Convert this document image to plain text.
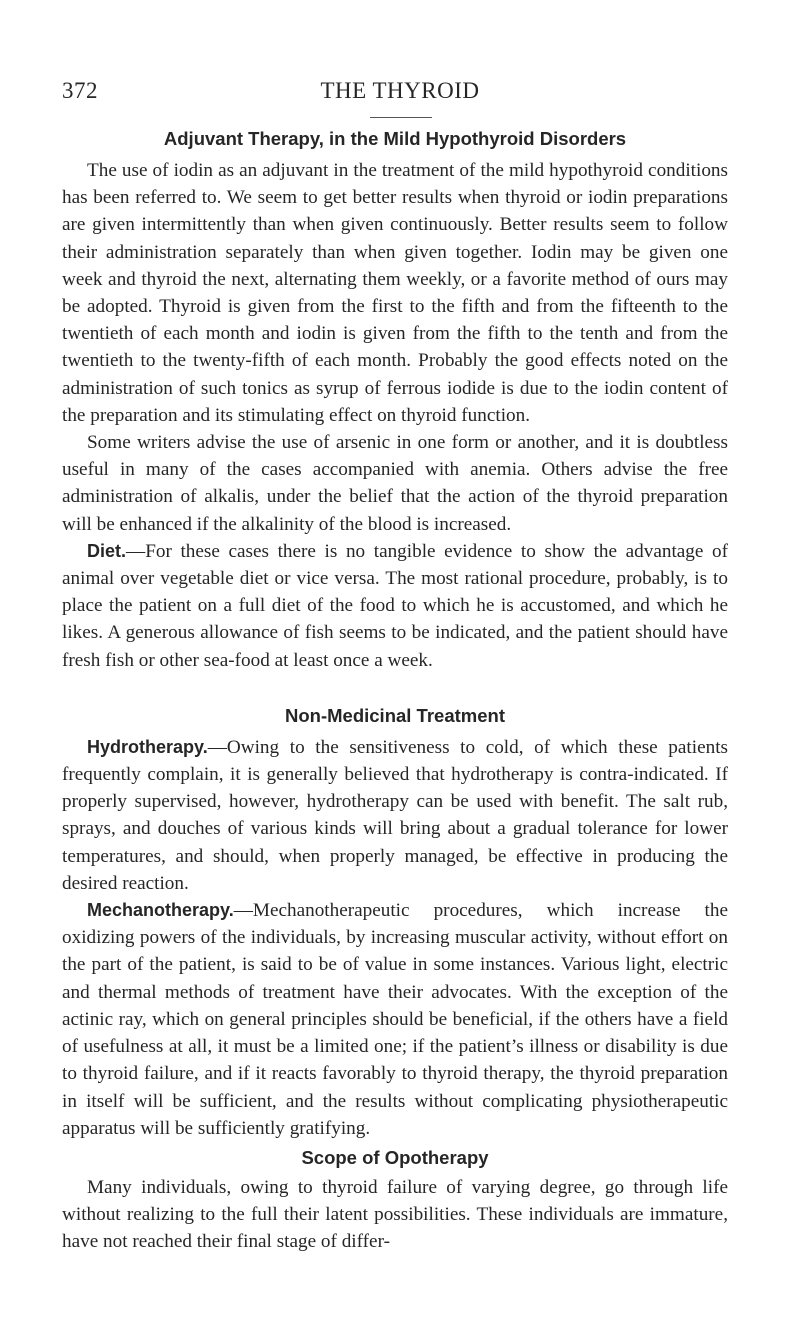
372	THE THYROID
Adjuvant Therapy, in the Mild Hypothyroid Disorders

The use of iodin as an adjuvant in the treatment of the mild hypothyroid conditions has been referred to. We seem to get better results when thyroid or iodin preparations are given intermittently than when given continuously. Better results seem to follow their administration separately than when given together. Iodin may be given one week and thyroid the next, alternating them weekly, or a favorite method of ours may be adopted. Thyroid is given from the first to the fifth and from the fifteenth to the twentieth of each month and iodin is given from the fifth to the tenth and from the twentieth to the twenty-fifth of each month. Probably the good effects noted on the administration of such tonics as syrup of ferrous iodide is due to the iodin content of the preparation and its stimulating effect on thyroid function.

Some writers advise the use of arsenic in one form or another, and it is doubtless useful in many of the cases accompanied with anemia. Others advise the free administration of alkalis, under the belief that the action of the thyroid preparation will be enhanced if the alkalinity of the blood is increased.

Diet.—For these cases there is no tangible evidence to show the advantage of animal over vegetable diet or vice versa. The most rational procedure, probably, is to place the patient on a full diet of the food to which he is accustomed, and which he likes. A generous allowance of fish seems to be indicated, and the patient should have fresh fish or other sea-food at least once a week.

Non-Medicinal Treatment

Hydrotherapy.—Owing to the sensitiveness to cold, of which these patients frequently complain, it is generally believed that hydrotherapy is contra-indicated. If properly supervised, however, hydrotherapy can be used with benefit. The salt rub, sprays, and douches of various kinds will bring about a gradual tolerance for lower temperatures, and should, when properly managed, be effective in producing the desired reaction.

Mechanotherapy.—Mechanotherapeutic procedures, which increase the oxidizing powers of the individuals, by increasing muscular activity, without effort on the part of the patient, is said to be of value in some instances. Various light, electric and thermal methods of treatment have their advocates. With the exception of the actinic ray, which on general principles should be beneficial, if the others have a field of usefulness at all, it must be a limited one; if the patient’s illness or disability is due to thyroid failure, and if it reacts favorably to thyroid therapy, the thyroid preparation in itself will be sufficient, and the results without complicating physiotherapeutic apparatus will be sufficiently gratifying.

Scope of Opotherapy

Many individuals, owing to thyroid failure of varying degree, go through life without realizing to the full their latent possibilities. These individuals are immature, have not reached their final stage of differ-
